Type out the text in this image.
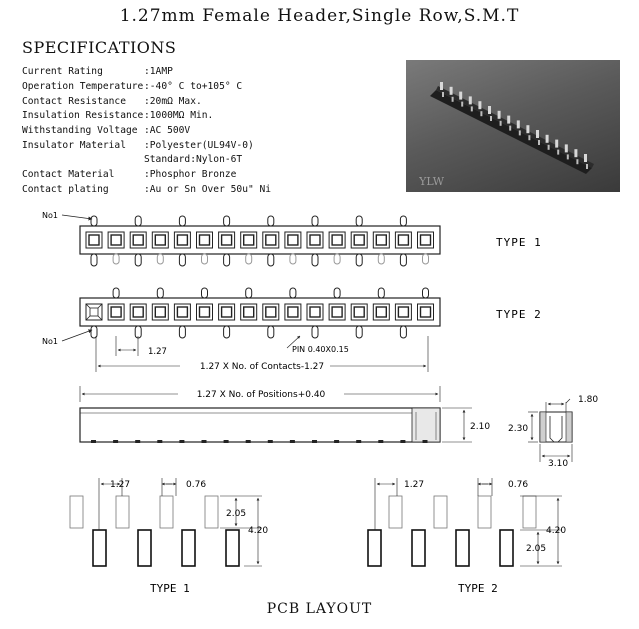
1.27mm Female Header,Single Row,S.M.T
SPECIFICATIONS
Current Rating	:1AMP
Operation Temperature:-40° C to+105° C
Contact Resistance :20mΩ Max.
Insulation Resistance:1000MΩ Min.
Withstanding Voltage :AC 500V
Insulator Material :Polyester(UL94V-0)
Standard:Nylon-6T
Contact Material	:Phosphor Bronze
Contact plating	:Au or Sn Over 50u" Ni
YLW
No1
TYPE 1
No1
1.27	PIN 0.40X0.15
1.27 X No. of Contacts-1.27
TYPE 2
1.27 X No. of Positions+0.40
2.10
1.80
2.30
3.10
1.27	0.76
2.05
4.20
TYPE 1
1.27	0.76
4.20
2.05
TYPE 2
PCB LAYOUT
